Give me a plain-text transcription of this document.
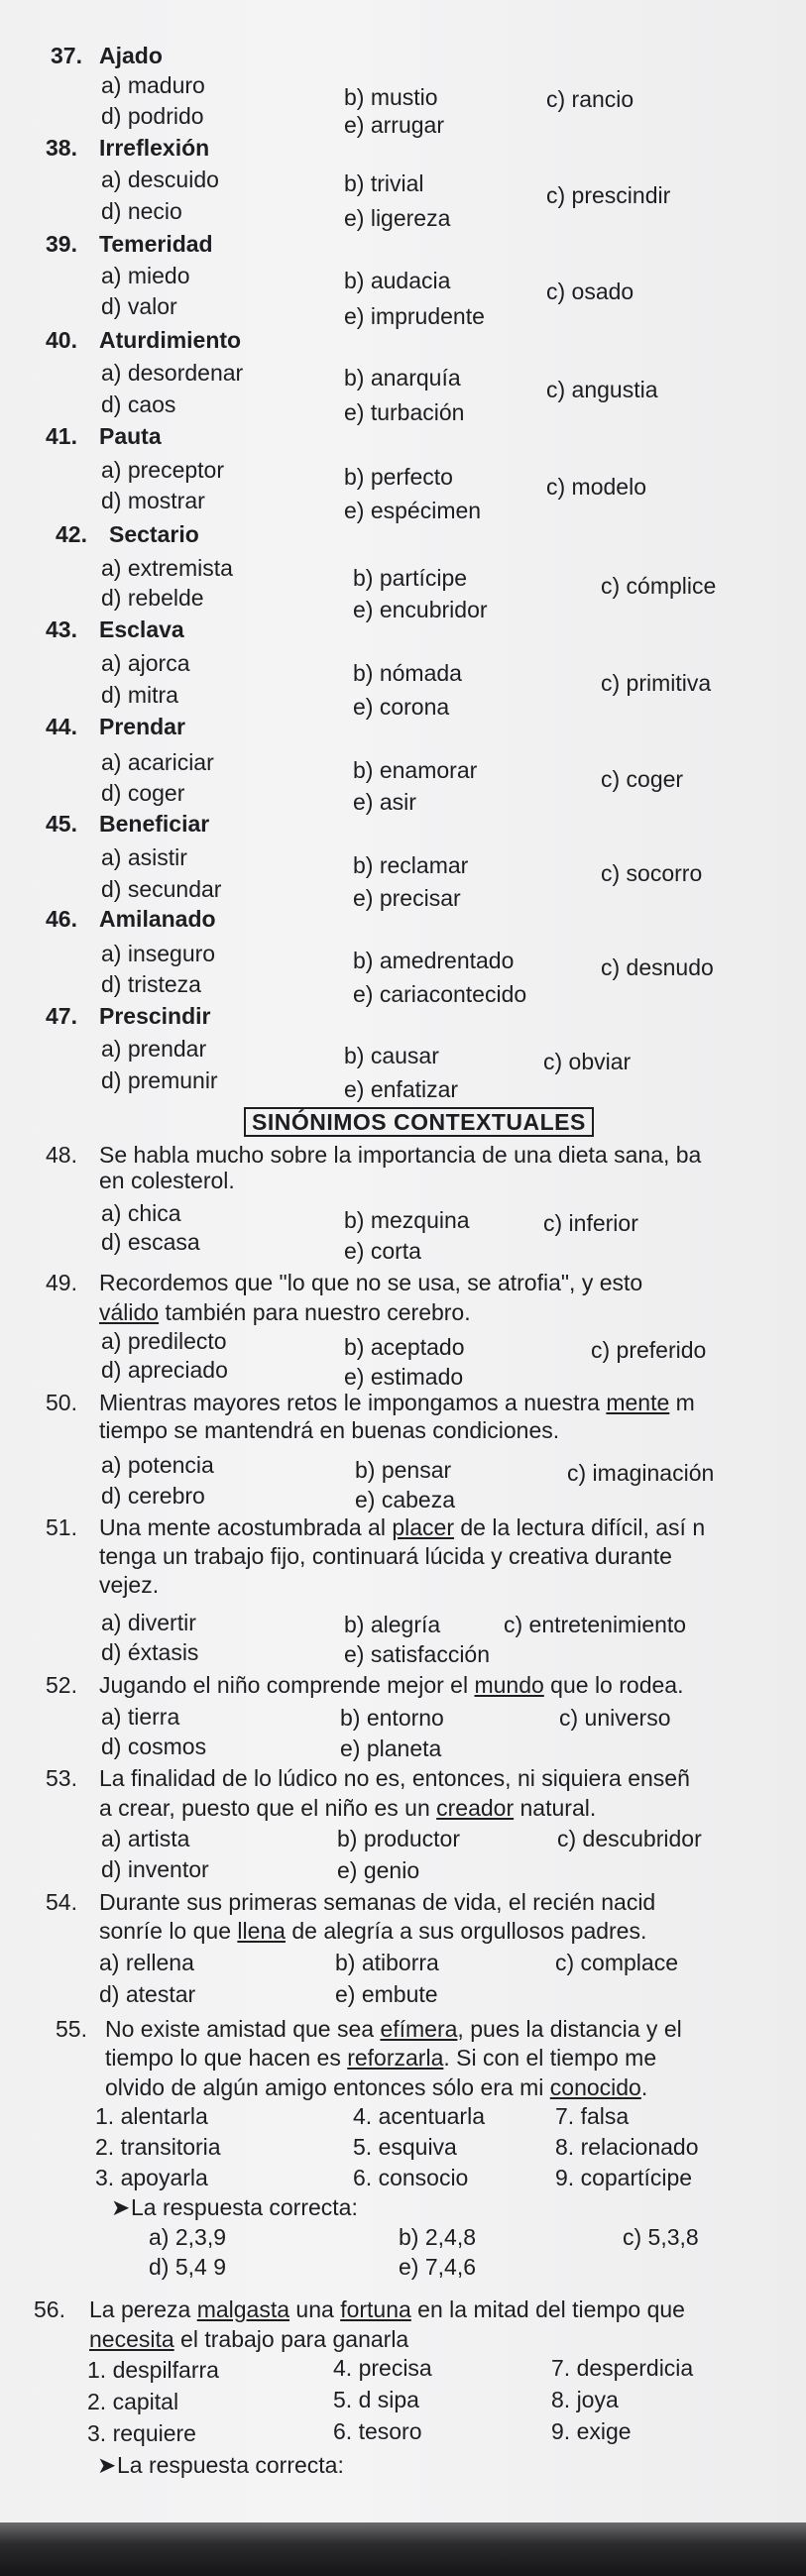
37. Ajado
a) maduro	b) mustio	c) rancio
d) podrido	e) arrugar
38. Irreflexión
a) descuido	b) trivial	c) prescindir
d) necio	e) ligereza
39. Temeridad
a) miedo	b) audacia	c) osado
d) valor	e) imprudente
40. Aturdimiento
a) desordenar	b) anarquía	c) angustia
d) caos	e) turbación
41. Pauta
a) preceptor	b) perfecto	c) modelo
d) mostrar	e) espécimen
42. Sectario
a) extremista	b) partícipe	c) cómplice
d) rebelde	e) encubridor
43. Esclava
a) ajorca	b) nómada	c) primitiva
d) mitra	e) corona
44. Prendar
a) acariciar	b) enamorar	c) coger
d) coger	e) asir
45. Beneficiar
a) asistir	b) reclamar	c) socorro
d) secundar	e) precisar
46. Amilanado
a) inseguro	b) amedrentado	c) desnudo
d) tristeza	e) cariacontecido
47. Prescindir
a) prendar	b) causar	c) obviar
d) premunir	e) enfatizar
SINÓNIMOS CONTEXTUALES
48. Se habla mucho sobre la importancia de una dieta sana, ba
en colesterol.
a) chica	b) mezquina	c) inferior
d) escasa	e) corta
49. Recordemos que "lo que no se usa, se atrofia", y esto
válido también para nuestro cerebro.
a) predilecto	b) aceptado	c) preferido
d) apreciado	e) estimado
50. Mientras mayores retos le impongamos a nuestra mente m
tiempo se mantendrá en buenas condiciones.
a) potencia	b) pensar	c) imaginación
d) cerebro	e) cabeza
51. Una mente acostumbrada al placer de la lectura difícil, así n
tenga un trabajo fijo, continuará lúcida y creativa durante
vejez.
a) divertir	b) alegría	c) entretenimiento
d) éxtasis	e) satisfacción
52. Jugando el niño comprende mejor el mundo que lo rodea.
a) tierra	b) entorno	c) universo
d) cosmos	e) planeta
53. La finalidad de lo lúdico no es, entonces, ni siquiera enseñ
a crear, puesto que el niño es un creador natural.
a) artista	b) productor	c) descubridor
d) inventor	e) genio
54. Durante sus primeras semanas de vida, el recién nacid
sonríe lo que llena de alegría a sus orgullosos padres.
a) rellena	b) atiborra	c) complace
d) atestar	e) embute
55. No existe amistad que sea efímera, pues la distancia y el
tiempo lo que hacen es reforzarla. Si con el tiempo me
olvido de algún amigo entonces sólo era mi conocido.
1. alentarla	4. acentuarla	7. falsa
2. transitoria	5. esquiva	8. relacionado
3. apoyarla	6. consocio	9. copartícipe
➤La respuesta correcta:
a) 2,3,9	b) 2,4,8	c) 5,3,8
d) 5,4 9	e) 7,4,6
56. La pereza malgasta una fortuna en la mitad del tiempo que
necesita el trabajo para ganarla
1. despilfarra	4. precisa	7. desperdicia
2. capital	5. d sipa	8. joya
3. requiere	6. tesoro	9. exige
➤La respuesta correcta:
